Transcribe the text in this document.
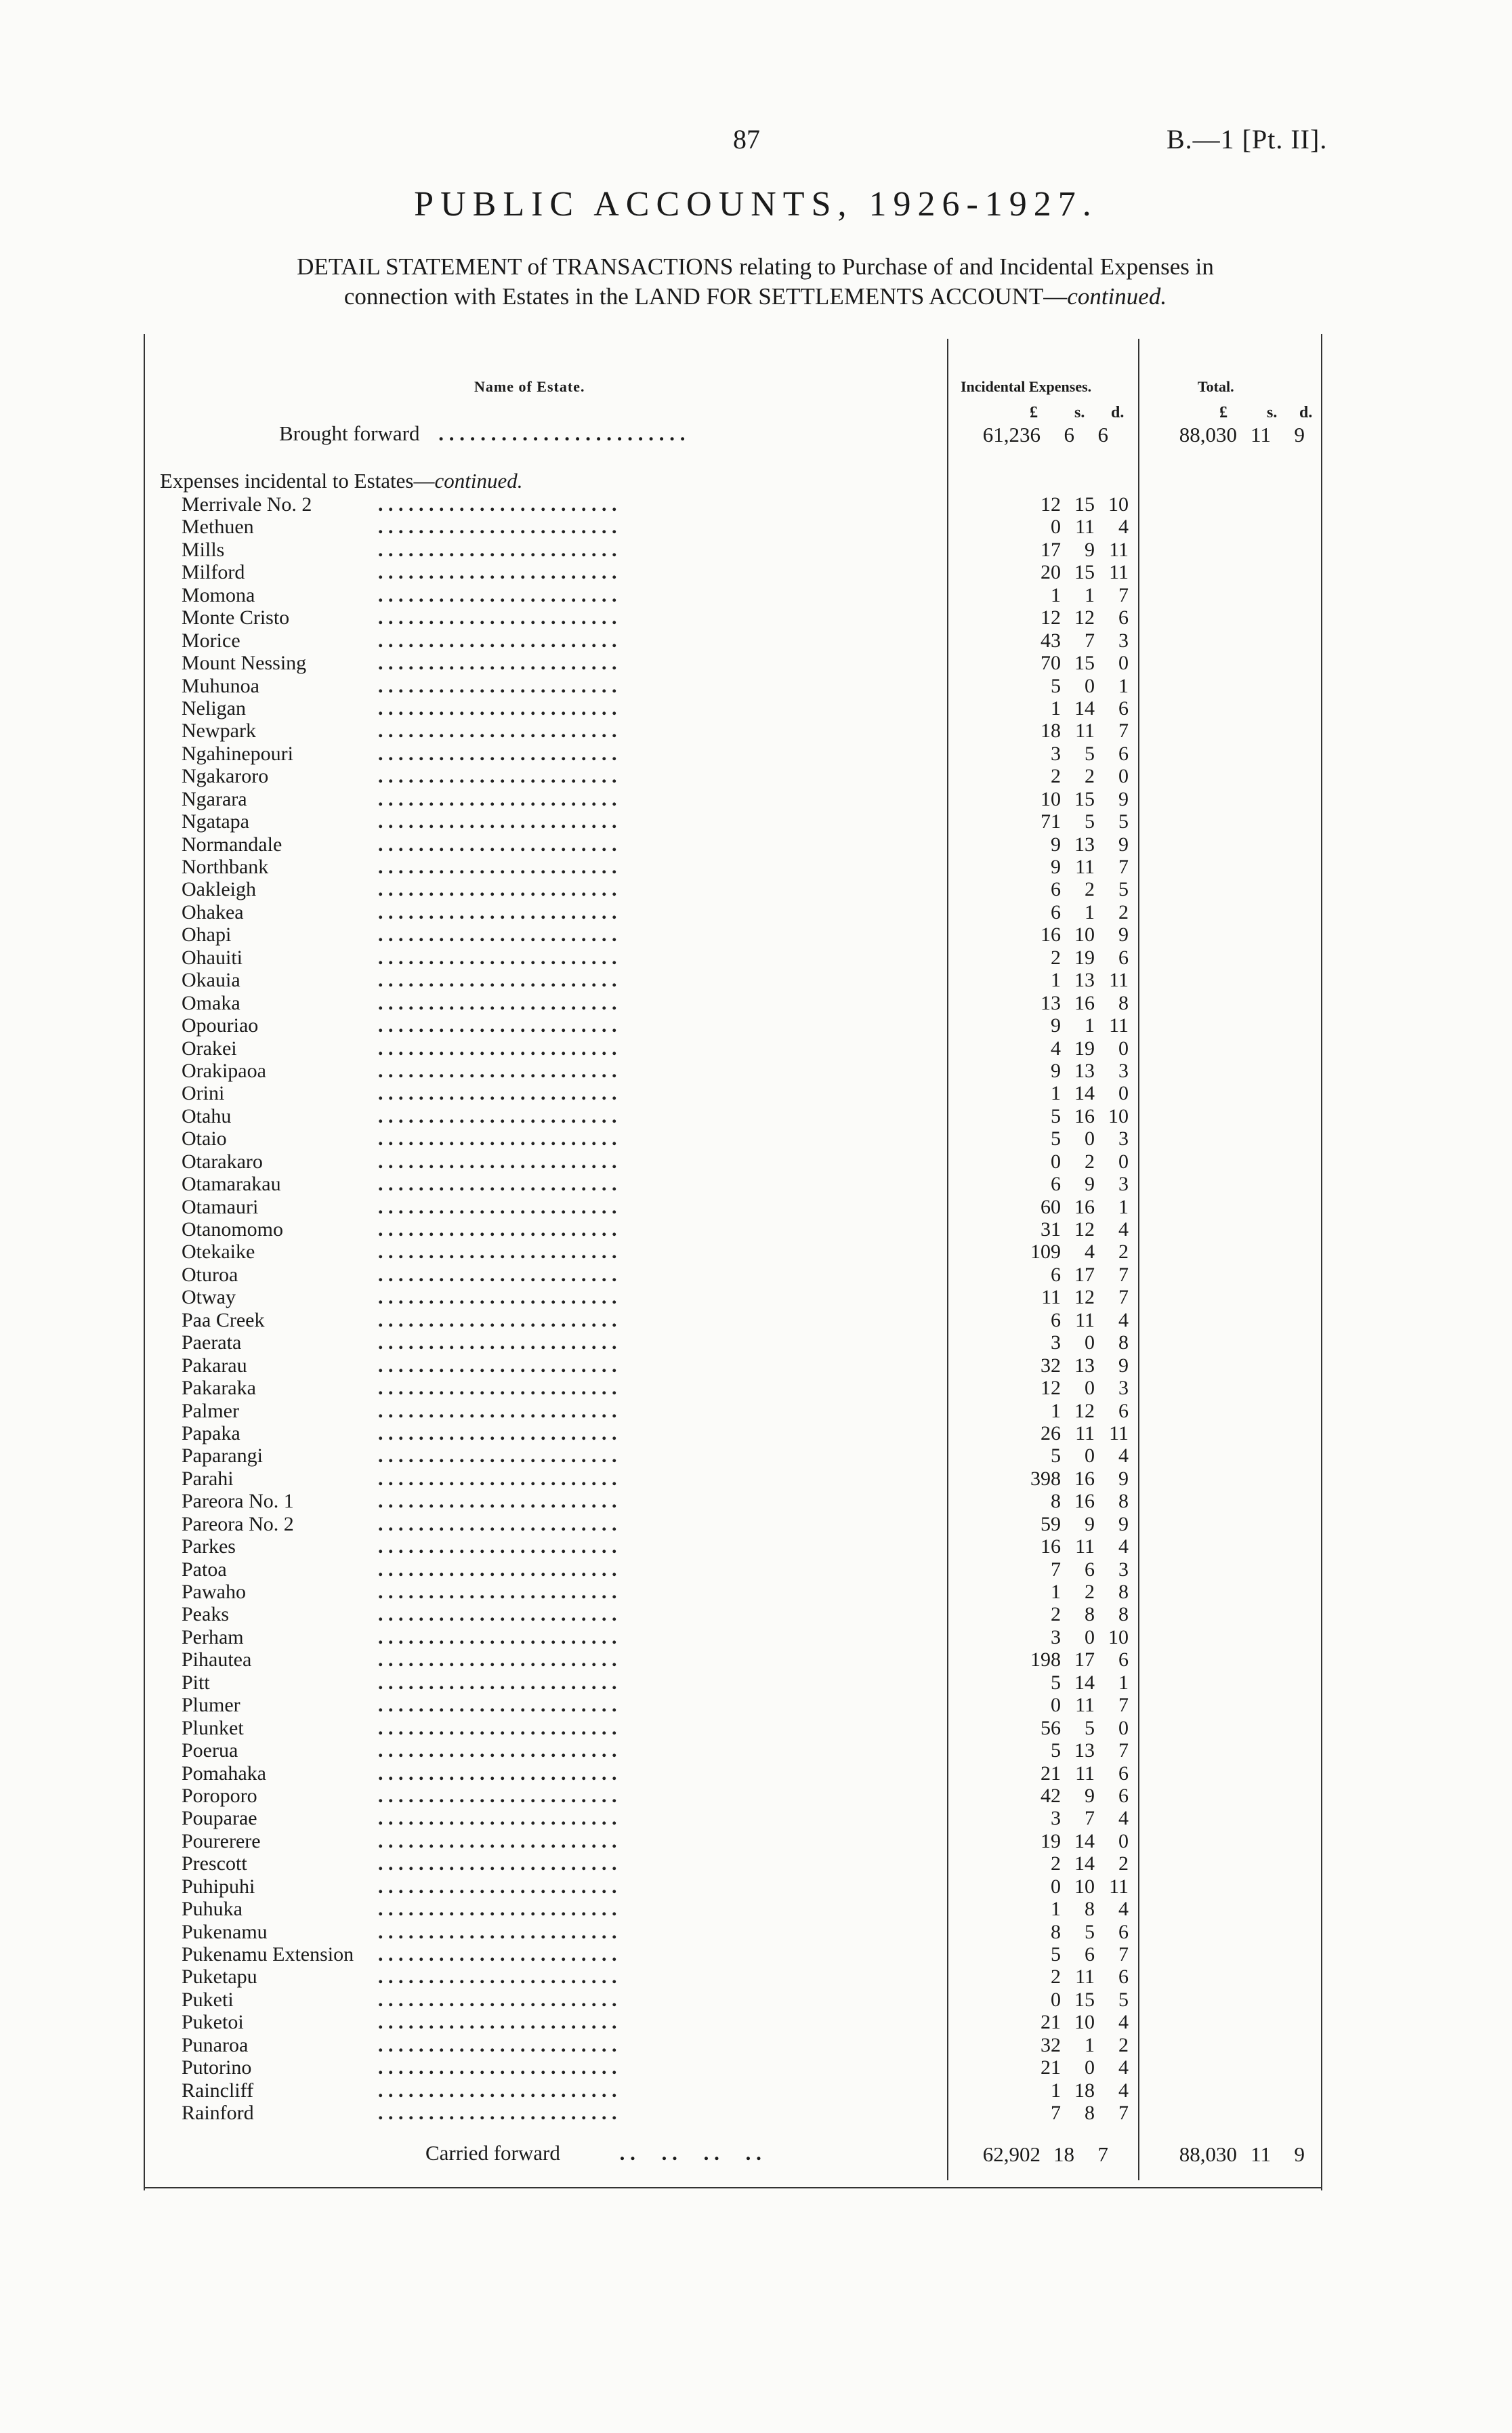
87	B.—1 [Pt. II].
PUBLIC ACCOUNTS, 1926-1927.
DETAIL STATEMENT of TRANSACTIONS relating to Purchase of and Incidental Expenses in
connection with Estates in the LAND FOR SETTLEMENTS ACCOUNT—continued.
Name of Estate.	Incidental Expenses.	Total.
£ s. d.	£ s. d.
Brought forward . . . . . . . . . . . . . . . . . . . . . . . .	61,236 6 6	88,030 11 9
Expenses incidental to Estates—continued.
Merrivale No. 2	. . . . . . . . . . . . . . . . . . . . . . . .	12 15 10
Methuen	. . . . . . . . . . . . . . . . . . . . . . . .	0 11 4
Mills	. . . . . . . . . . . . . . . . . . . . . . . .	17 9 11
Milford	. . . . . . . . . . . . . . . . . . . . . . . .	20 15 11
Momona	. . . . . . . . . . . . . . . . . . . . . . . .	1 1 7
Monte Cristo	. . . . . . . . . . . . . . . . . . . . . . . .	12 12 6
Morice	. . . . . . . . . . . . . . . . . . . . . . . .	43 7 3
Mount Nessing	. . . . . . . . . . . . . . . . . . . . . . . .	70 15 0
Muhunoa	. . . . . . . . . . . . . . . . . . . . . . . .	5 0 1
Neligan	. . . . . . . . . . . . . . . . . . . . . . . .	1 14 6
Newpark	. . . . . . . . . . . . . . . . . . . . . . . .	18 11 7
Ngahinepouri	. . . . . . . . . . . . . . . . . . . . . . . .	3 5 6
Ngakaroro	. . . . . . . . . . . . . . . . . . . . . . . .	2 2 0
Ngarara	. . . . . . . . . . . . . . . . . . . . . . . .	10 15 9
Ngatapa	. . . . . . . . . . . . . . . . . . . . . . . .	71 5 5
Normandale	. . . . . . . . . . . . . . . . . . . . . . . .	9 13 9
Northbank	. . . . . . . . . . . . . . . . . . . . . . . .	9 11 7
Oakleigh	. . . . . . . . . . . . . . . . . . . . . . . .	6 2 5
Ohakea	. . . . . . . . . . . . . . . . . . . . . . . .	6 1 2
Ohapi	. . . . . . . . . . . . . . . . . . . . . . . .	16 10 9
Ohauiti	. . . . . . . . . . . . . . . . . . . . . . . .	2 19 6
Okauia	. . . . . . . . . . . . . . . . . . . . . . . .	1 13 11
Omaka	. . . . . . . . . . . . . . . . . . . . . . . .	13 16 8
Opouriao	. . . . . . . . . . . . . . . . . . . . . . . .	9 1 11
Orakei	. . . . . . . . . . . . . . . . . . . . . . . .	4 19 0
Orakipaoa	. . . . . . . . . . . . . . . . . . . . . . . .	9 13 3
Orini	. . . . . . . . . . . . . . . . . . . . . . . .	1 14 0
Otahu	. . . . . . . . . . . . . . . . . . . . . . . .	5 16 10
Otaio	. . . . . . . . . . . . . . . . . . . . . . . .	5 0 3
Otarakaro	. . . . . . . . . . . . . . . . . . . . . . . .	0 2 0
Otamarakau	. . . . . . . . . . . . . . . . . . . . . . . .	6 9 3
Otamauri	. . . . . . . . . . . . . . . . . . . . . . . .	60 16 1
Otanomomo	. . . . . . . . . . . . . . . . . . . . . . . .	31 12 4
Otekaike	. . . . . . . . . . . . . . . . . . . . . . . .	109 4 2
Oturoa	. . . . . . . . . . . . . . . . . . . . . . . .	6 17 7
Otway	. . . . . . . . . . . . . . . . . . . . . . . .	11 12 7
Paa Creek	. . . . . . . . . . . . . . . . . . . . . . . .	6 11 4
Paerata	. . . . . . . . . . . . . . . . . . . . . . . .	3 0 8
Pakarau	. . . . . . . . . . . . . . . . . . . . . . . .	32 13 9
Pakaraka	. . . . . . . . . . . . . . . . . . . . . . . .	12 0 3
Palmer	. . . . . . . . . . . . . . . . . . . . . . . .	1 12 6
Papaka	. . . . . . . . . . . . . . . . . . . . . . . .	26 11 11
Paparangi	. . . . . . . . . . . . . . . . . . . . . . . .	5 0 4
Parahi	. . . . . . . . . . . . . . . . . . . . . . . .	398 16 9
Pareora No. 1	. . . . . . . . . . . . . . . . . . . . . . . .	8 16 8
Pareora No. 2	. . . . . . . . . . . . . . . . . . . . . . . .	59 9 9
Parkes	. . . . . . . . . . . . . . . . . . . . . . . .	16 11 4
Patoa	. . . . . . . . . . . . . . . . . . . . . . . .	7 6 3
Pawaho	. . . . . . . . . . . . . . . . . . . . . . . .	1 2 8
Peaks	. . . . . . . . . . . . . . . . . . . . . . . .	2 8 8
Perham	. . . . . . . . . . . . . . . . . . . . . . . .	3 0 10
Pihautea	. . . . . . . . . . . . . . . . . . . . . . . .	198 17 6
Pitt	. . . . . . . . . . . . . . . . . . . . . . . .	5 14 1
Plumer	. . . . . . . . . . . . . . . . . . . . . . . .	0 11 7
Plunket	. . . . . . . . . . . . . . . . . . . . . . . .	56 5 0
Poerua	. . . . . . . . . . . . . . . . . . . . . . . .	5 13 7
Pomahaka	. . . . . . . . . . . . . . . . . . . . . . . .	21 11 6
Poroporo	. . . . . . . . . . . . . . . . . . . . . . . .	42 9 6
Pouparae	. . . . . . . . . . . . . . . . . . . . . . . .	3 7 4
Pourerere	. . . . . . . . . . . . . . . . . . . . . . . .	19 14 0
Prescott	. . . . . . . . . . . . . . . . . . . . . . . .	2 14 2
Puhipuhi	. . . . . . . . . . . . . . . . . . . . . . . .	0 10 11
Puhuka	. . . . . . . . . . . . . . . . . . . . . . . .	1 8 4
Pukenamu	. . . . . . . . . . . . . . . . . . . . . . . .	8 5 6
Pukenamu Extension . . . . . . . . . . . . . . . . . . . . . . . .	5 6 7
Puketapu	. . . . . . . . . . . . . . . . . . . . . . . .	2 11 6
Puketi	. . . . . . . . . . . . . . . . . . . . . . . .	0 15 5
Puketoi	. . . . . . . . . . . . . . . . . . . . . . . .	21 10 4
Punaroa	. . . . . . . . . . . . . . . . . . . . . . . .	32 1 2
Putorino	. . . . . . . . . . . . . . . . . . . . . . . .	21 0 4
Raincliff	. . . . . . . . . . . . . . . . . . . . . . . .	1 18 4
Rainford	. . . . . . . . . . . . . . . . . . . . . . . .	7 8 7
Carried forward	. .     . .     . .     . .	62,902 18 7	88,030 11 9
